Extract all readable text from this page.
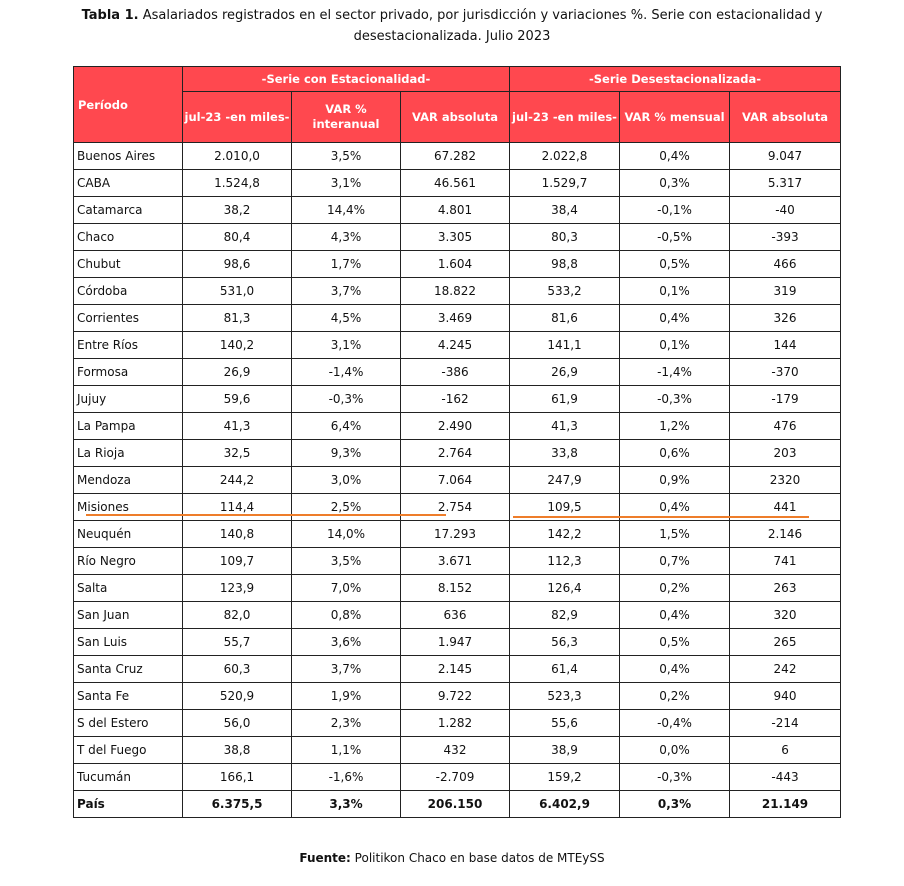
Tabla 1. Asalariados registrados en el sector privado, por jurisdicción y variaciones %. Serie con estacionalidad y desestacionalizada. Julio 2023
Período	-Serie con Estacionalidad-			-Serie Desestacionalizada-		
	jul-23 -en miles-	VAR % interanual	VAR absoluta	jul-23 -en miles-	VAR % mensual	VAR absoluta
Buenos Aires	2.010,0	3,5%	67.282	2.022,8	0,4%	9.047
CABA	1.524,8	3,1%	46.561	1.529,7	0,3%	5.317
Catamarca	38,2	14,4%	4.801	38,4	-0,1%	-40
Chaco	80,4	4,3%	3.305	80,3	-0,5%	-393
Chubut	98,6	1,7%	1.604	98,8	0,5%	466
Córdoba	531,0	3,7%	18.822	533,2	0,1%	319
Corrientes	81,3	4,5%	3.469	81,6	0,4%	326
Entre Ríos	140,2	3,1%	4.245	141,1	0,1%	144
Formosa	26,9	-1,4%	-386	26,9	-1,4%	-370
Jujuy	59,6	-0,3%	-162	61,9	-0,3%	-179
La Pampa	41,3	6,4%	2.490	41,3	1,2%	476
La Rioja	32,5	9,3%	2.764	33,8	0,6%	203
Mendoza	244,2	3,0%	7.064	247,9	0,9%	2320
Misiones	114,4	2,5%	2.754	109,5	0,4%	441
Neuquén	140,8	14,0%	17.293	142,2	1,5%	2.146
Río Negro	109,7	3,5%	3.671	112,3	0,7%	741
Salta	123,9	7,0%	8.152	126,4	0,2%	263
San Juan	82,0	0,8%	636	82,9	0,4%	320
San Luis	55,7	3,6%	1.947	56,3	0,5%	265
Santa Cruz	60,3	3,7%	2.145	61,4	0,4%	242
Santa Fe	520,9	1,9%	9.722	523,3	0,2%	940
S del Estero	56,0	2,3%	1.282	55,6	-0,4%	-214
T del Fuego	38,8	1,1%	432	38,9	0,0%	6
Tucumán	166,1	-1,6%	-2.709	159,2	-0,3%	-443
País	6.375,5	3,3%	206.150	6.402,9	0,3%	21.149
Fuente: Politikon Chaco en base datos de MTEySS
